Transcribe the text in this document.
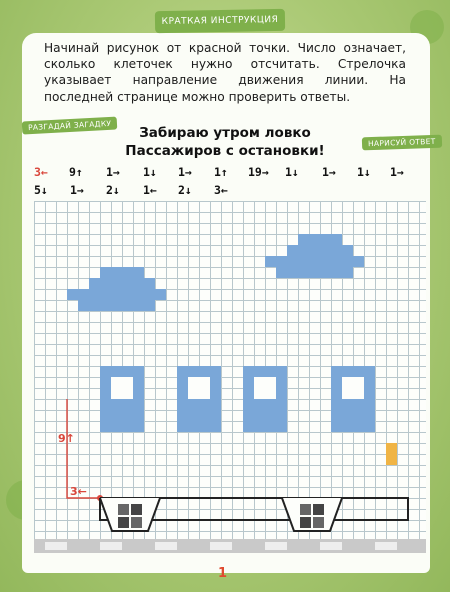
КРАТКАЯ ИНСТРУКЦИЯ
Начинай рисунок от красной точки. Число означает, сколько клеточек нужно отсчитать. Стрелочка указывает направление движения линии. На последней странице можно проверить ответы.
РАЗГАДАЙ ЗАГАДКУ
НАРИСУЙ ОТВЕТ
Забираю утром ловко
Пассажиров с остановки!
3← 9↑ 1→ 1↓ 1→ 1↑ 19→ 1↓ 1→ 1↓ 1→
5↓ 1→ 2↓ 1← 2↓ 3←
9↑
3←
1
